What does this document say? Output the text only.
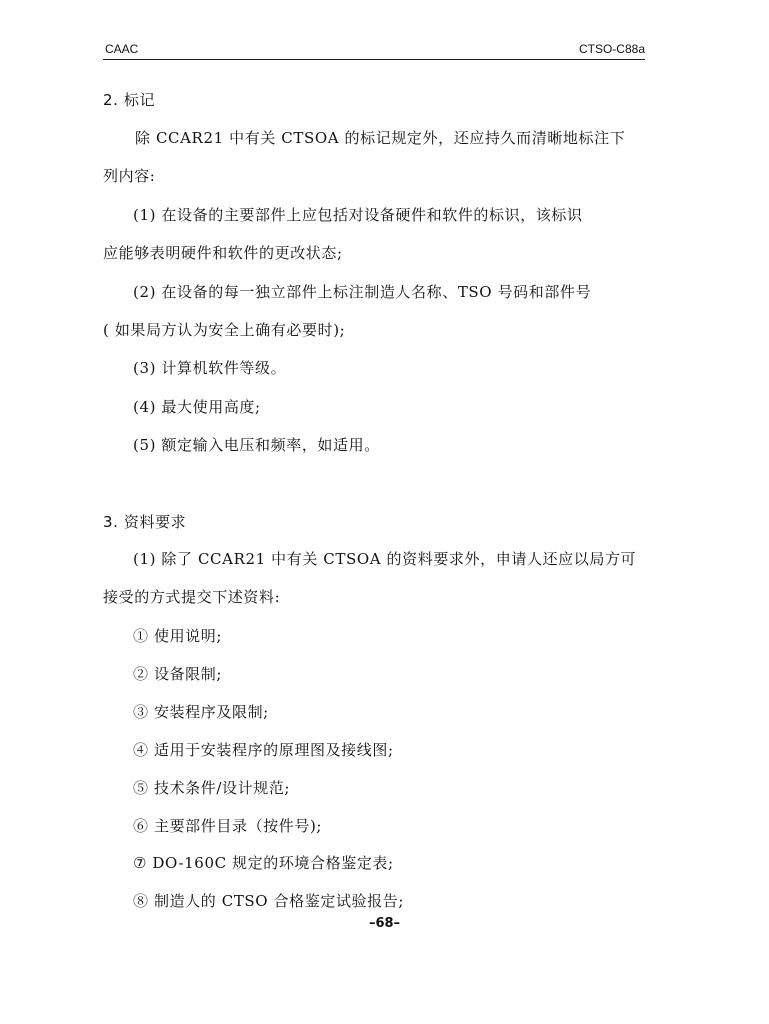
CAAC	CTSO-C88a
2. 标记
除 CCAR21 中有关 CTSOA 的标记规定外，还应持久而清晰地标注下
列内容:
(1) 在设备的主要部件上应包括对设备硬件和软件的标识，该标识
应能够表明硬件和软件的更改状态;
(2) 在设备的每一独立部件上标注制造人名称、TSO 号码和部件号
( 如果局方认为安全上确有必要时);
(3) 计算机软件等级。
(4) 最大使用高度;
(5) 额定输入电压和频率，如适用。
3. 资料要求
(1) 除了 CCAR21 中有关 CTSOA 的资料要求外，申请人还应以局方可
接受的方式提交下述资料:
① 使用说明;
② 设备限制;
③ 安装程序及限制;
④ 适用于安装程序的原理图及接线图;
⑤ 技术条件/设计规范;
⑥ 主要部件目录（按件号);
⑦ DO-160C 规定的环境合格鉴定表;
⑧ 制造人的 CTSO 合格鉴定试验报告;
–68–
